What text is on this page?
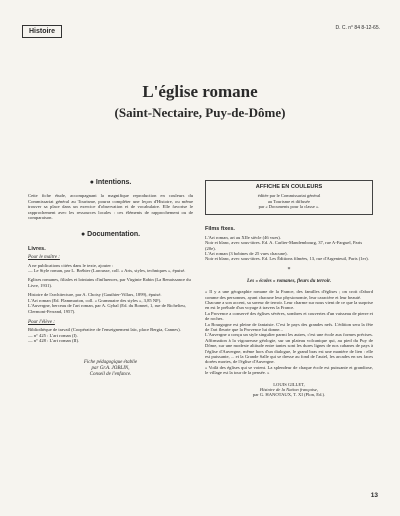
Histoire	D. C. n° 84 8-12-65.
L'église romane
(Saint-Nectaire, Puy-de-Dôme)
● Intentions.

Cette fiche étude, accompagnant la magnifique reproduction en couleurs du Commissariat général au Tourisme, pourra compléter une leçon d'Histoire, ou même trouver sa place dans un exercice d'observation et de vocabulaire. Elle favorise le rapprochement avec les ressources locales : ces éléments de rapprochement ou de comparaison.

● Documentation.
Livres.
Pour le maître :

A ne publications citées dans le texte, ajouter :

— Le Style roman, par L. Bréhier (Larousse, coll. « Arts, styles, techniques », épuisé.

Eglises romanes, filiales et lointains d'influences, par Virginie Rabin (La Renaissance du Livre, 1931).

Histoire de l'architecture, par A. Choisy (Gauthier-Villars, 1899), épuisé.

L'Art roman (Ed. Flammarion, coll. « Grammaire des styles », 3,85 NF).

L'Auvergne, berceau de l'art roman, par A. Gybal (Ed. du Bonnet, 1, rue de Richelieu, Clermont-Ferrand, 1957).

Pour l'élève :

Bibliothèque de travail (Coopérative de l'enseignement laïc, place Bergia, Cannes).

— n° 425 : L'art roman (I).

— n° 428 : L'art roman (II).

Fiche pédagogique établie
par Gr.A. JOBLIN,
Conseil de l'enfance.
AFFICHE EN COULEURS
éditée par le Commissariat général
au Tourisme et diffusée
par « Documents pour la classe ».
Films fixes.

L'Art roman, art au XIIe siècle (46 vues).

Noir et blanc, avec sous-titres. Ed. A. Carlier-Mandembourg, 37, rue A-Farguel, Paris (20e).

L'Art roman (3 bobines de 25 vues chacune).

Noir et blanc, avec sous-titres. Ed. Les Éditions filmées, 13, rue d'Argenteuil, Paris (1er).

*
Les « écoles » romanes, fleurs du terroir.

« Il y a une géographie romane de la France, des familles d'églises ; on croit d'abord comme des personnes, ayant chacune leur physionomie, leur caractère et leur beauté.

Chacune a son accent, sa saveur de terroir. Leur charme sur nous vient de ce que la surprise en est le prélude d'un voyage à travers la France.

La Provence a conservé des églises sévères, sombres et couvertes d'un vaisseau de pierre et de roches.

La Bourgogne est pleine de fantaisie. C'est le pays des grandes nefs. L'édition sera la fête de l'art fleurie que la Provence lui donne...

L'Auvergne a conçu un style singulier parmi les autres, c'est une école aux formes précises. Affirmation à la vigoureuse géologie, sur un plateau volcanique qui, au pied du Puy de Dôme, sur une modeste altitude entre tantes sont les dures lignes de nos cabanes de pays à l'église d'Auvergne, même hors d'un dialogue, le grand bras est une manière de lien : elle est puissante, ... et la Grande Salle qui se dresse au fond de l'autel, les arcades en ses faces dorées mortes, de l'église d'Auvergne.

» Voilà des églises qui se voient. La splendeur de chaque école est puissante et grandiose, le village est la tour de la pensée. »

LOUIS GILLET,
Histoire de la Nation française,
par G. HANOTAUX, T. XI (Plon, Ed.).
13
